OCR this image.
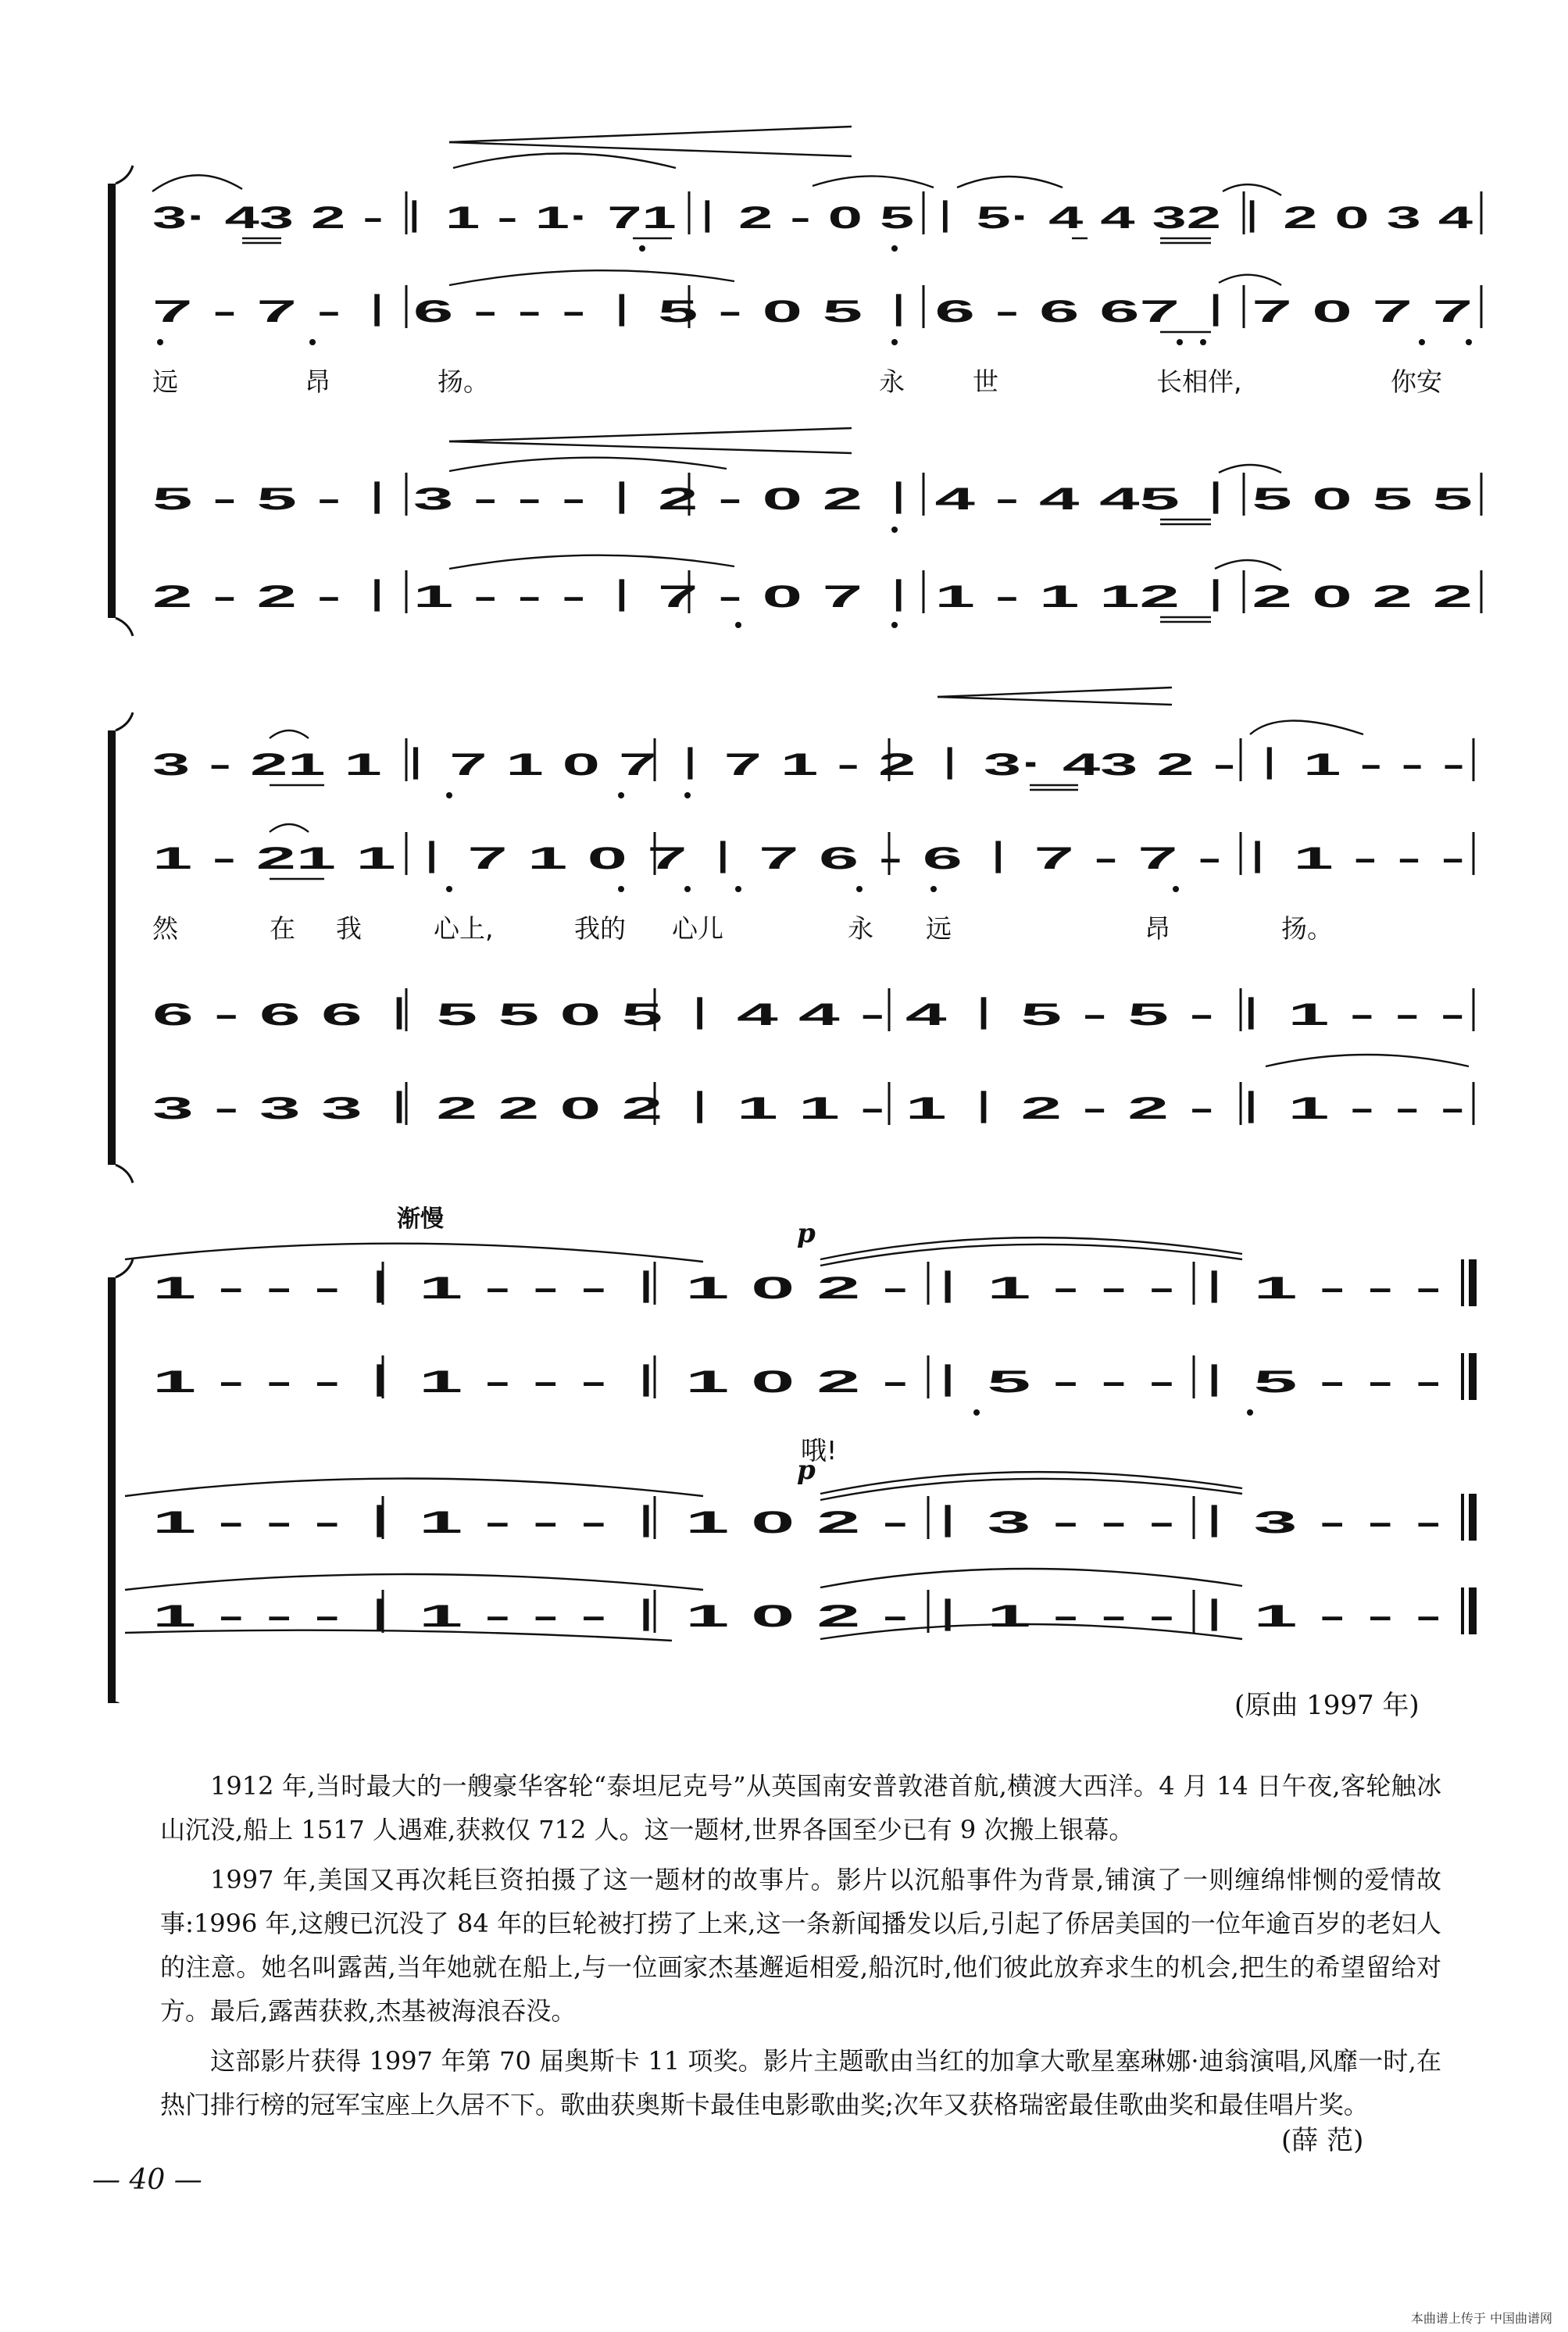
渐慢	p
p
3· 43 2 -｜1 - 1· 71｜2 - 0 5｜5· 4 4 32｜2 0 3 4
7 - 7 -｜6 - - -｜5 - 0 5｜6 - 6 67｜7 0 7 7
5 - 5 -｜3 - - -｜2 - 0 2｜4 - 4 45｜5 0 5 5
2 - 2 -｜1 - - -｜7 - 0 7｜1 - 1 12｜2 0 2 2
3 - 21 1｜7 1 0 7｜7 1 - 2｜3· 43 2 -｜1 - - -
1 - 21 1｜7 1 0 7｜7 6 - 6｜7 - 7 -｜1 - - -
6 - 6 6｜5 5 0 5｜4 4 - 4｜5 - 5 -｜1 - - -
3 - 3 3｜2 2 0 2｜1 1 - 1｜2 - 2 -｜1 - - -
1 - - -｜1 - - -｜1 0 2 -｜1 - - -｜1 - - -
1 - - -｜1 - - -｜1 0 2 -｜5 - - -｜5 - - -
1 - - -｜1 - - -｜1 0 2 -｜3 - - -｜3 - - -
1 - - -｜1 - - -｜1 0 2 -｜1 - - -｜1 - - -
远	昂	扬。	永	世	长相伴,	你安
然	在 我	心上,	我的 心儿	永 远	昂	扬。
哦!
(原曲 1997 年)

1912 年,当时最大的一艘豪华客轮“泰坦尼克号”从英国南安普敦港首航,横渡大西洋。4 月 14 日午夜,客轮触冰山沉没,船上 1517 人遇难,获救仅 712 人。这一题材,世界各国至少已有 9 次搬上银幕。

1997 年,美国又再次耗巨资拍摄了这一题材的故事片。影片以沉船事件为背景,铺演了一则缠绵悱恻的爱情故事:1996 年,这艘已沉没了 84 年的巨轮被打捞了上来,这一条新闻播发以后,引起了侨居美国的一位年逾百岁的老妇人的注意。她名叫露茜,当年她就在船上,与一位画家杰基邂逅相爱,船沉时,他们彼此放弃求生的机会,把生的希望留给对方。最后,露茜获救,杰基被海浪吞没。

这部影片获得 1997 年第 70 届奥斯卡 11 项奖。影片主题歌由当红的加拿大歌星塞琳娜·迪翁演唱,风靡一时,在热门排行榜的冠军宝座上久居不下。歌曲获奥斯卡最佳电影歌曲奖;次年又获格瑞密最佳歌曲奖和最佳唱片奖。

(薛 范)
— 40 —
本曲谱上传于 中国曲谱网
